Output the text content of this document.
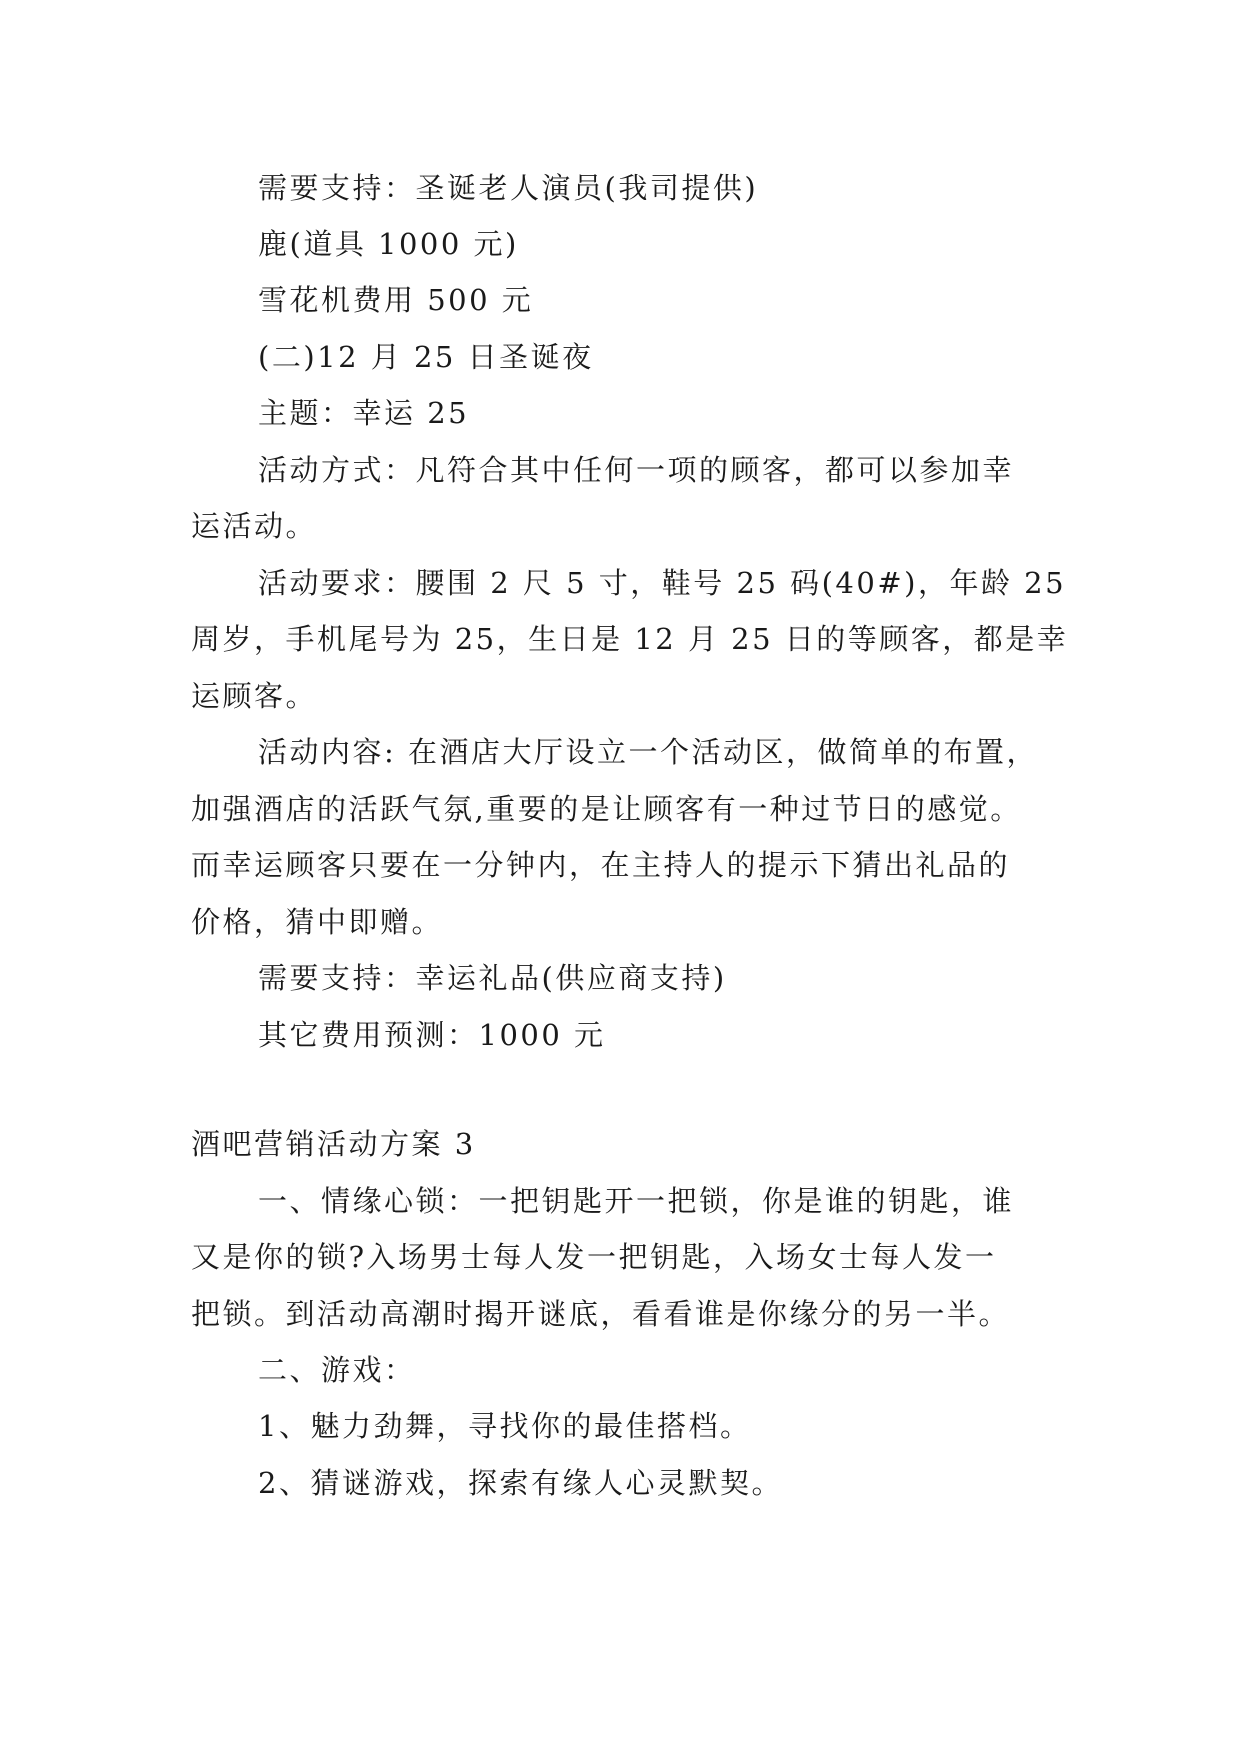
需要支持：圣诞老人演员(我司提供)

鹿(道具 1000 元)

雪花机费用 500 元

(二)12 月 25 日圣诞夜

主题：幸运 25

活动方式：凡符合其中任何一项的顾客，都可以参加幸

运活动。

活动要求：腰围 2 尺 5 寸，鞋号 25 码(40#)，年龄 25

周岁，手机尾号为 25，生日是 12 月 25 日的等顾客，都是幸

运顾客。

活动内容: 在酒店大厅设立一个活动区，做简单的布置，

加强酒店的活跃气氛,重要的是让顾客有一种过节日的感觉。

而幸运顾客只要在一分钟内，在主持人的提示下猜出礼品的

价格，猜中即赠。

需要支持：幸运礼品(供应商支持)

其它费用预测：1000 元

酒吧营销活动方案 3

一、情缘心锁：一把钥匙开一把锁，你是谁的钥匙，谁

又是你的锁?入场男士每人发一把钥匙，入场女士每人发一

把锁。到活动高潮时揭开谜底，看看谁是你缘分的另一半。

二、游戏：

1、魅力劲舞，寻找你的最佳搭档。

2、猜谜游戏，探索有缘人心灵默契。
